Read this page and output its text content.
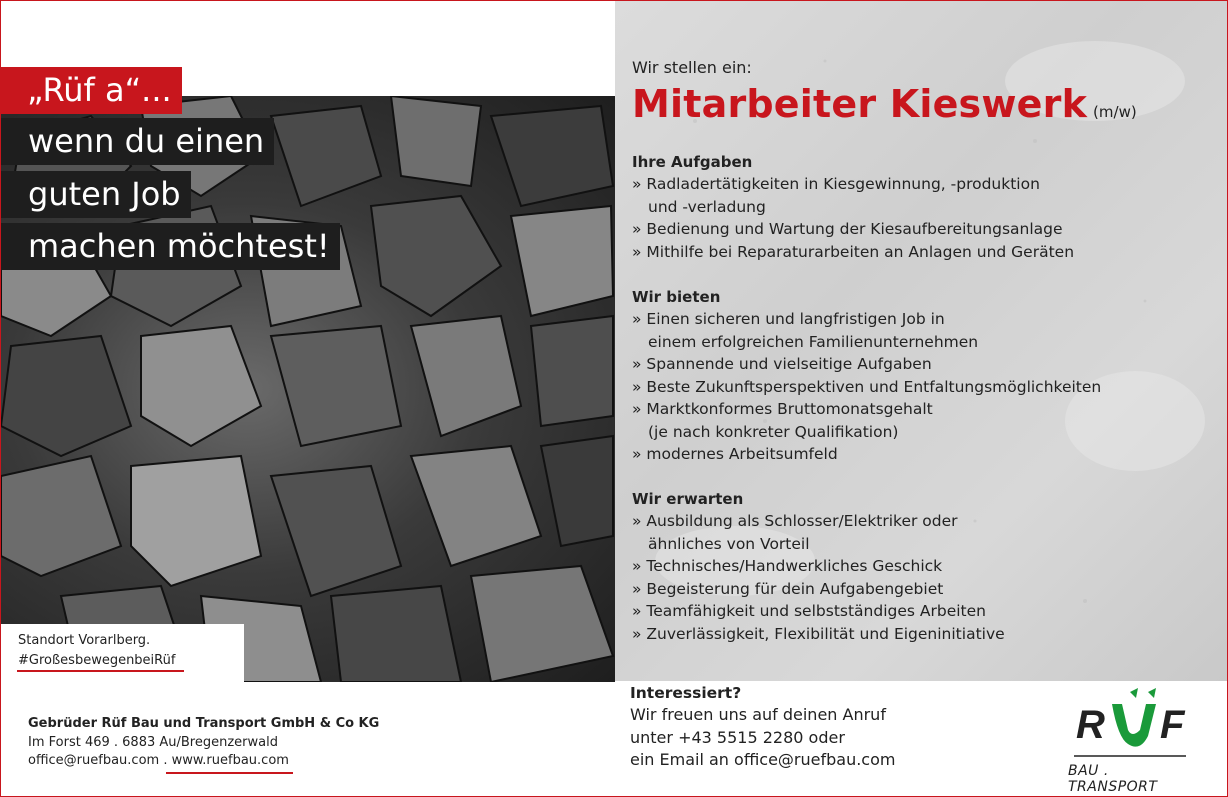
„Rüf a“...
wenn du einen
guten Job
machen möchtest!
Standort Vorarlberg.
#GroßesbewegenbeiRüf
Wir stellen ein:
Mitarbeiter Kieswerk (m/w)
Ihre Aufgaben
» Radladertätigkeiten in Kiesgewinnung, -produktion
und -verladung
» Bedienung und Wartung der Kiesaufbereitungsanlage
» Mithilfe bei Reparaturarbeiten an Anlagen und Geräten
Wir bieten
» Einen sicheren und langfristigen Job in
einem erfolgreichen Familienunternehmen
» Spannende und vielseitige Aufgaben
» Beste Zukunftsperspektiven und Entfaltungsmöglichkeiten
» Marktkonformes Bruttomonatsgehalt
(je nach konkreter Qualifikation)
» modernes Arbeitsumfeld
Wir erwarten
» Ausbildung als Schlosser/Elektriker oder
ähnliches von Vorteil
» Technisches/Handwerkliches Geschick
» Begeisterung für dein Aufgabengebiet
» Teamfähigkeit und selbstständiges Arbeiten
» Zuverlässigkeit, Flexibilität und Eigeninitiative
Gebrüder Rüf Bau und Transport GmbH & Co KG
Im Forst 469 . 6883 Au/Bregenzerwald
office@ruefbau.com . www.ruefbau.com
Interessiert?
Wir freuen uns auf deinen Anruf
unter +43 5515 2280 oder
ein Email an office@ruefbau.com
R F
BAU . TRANSPORT
